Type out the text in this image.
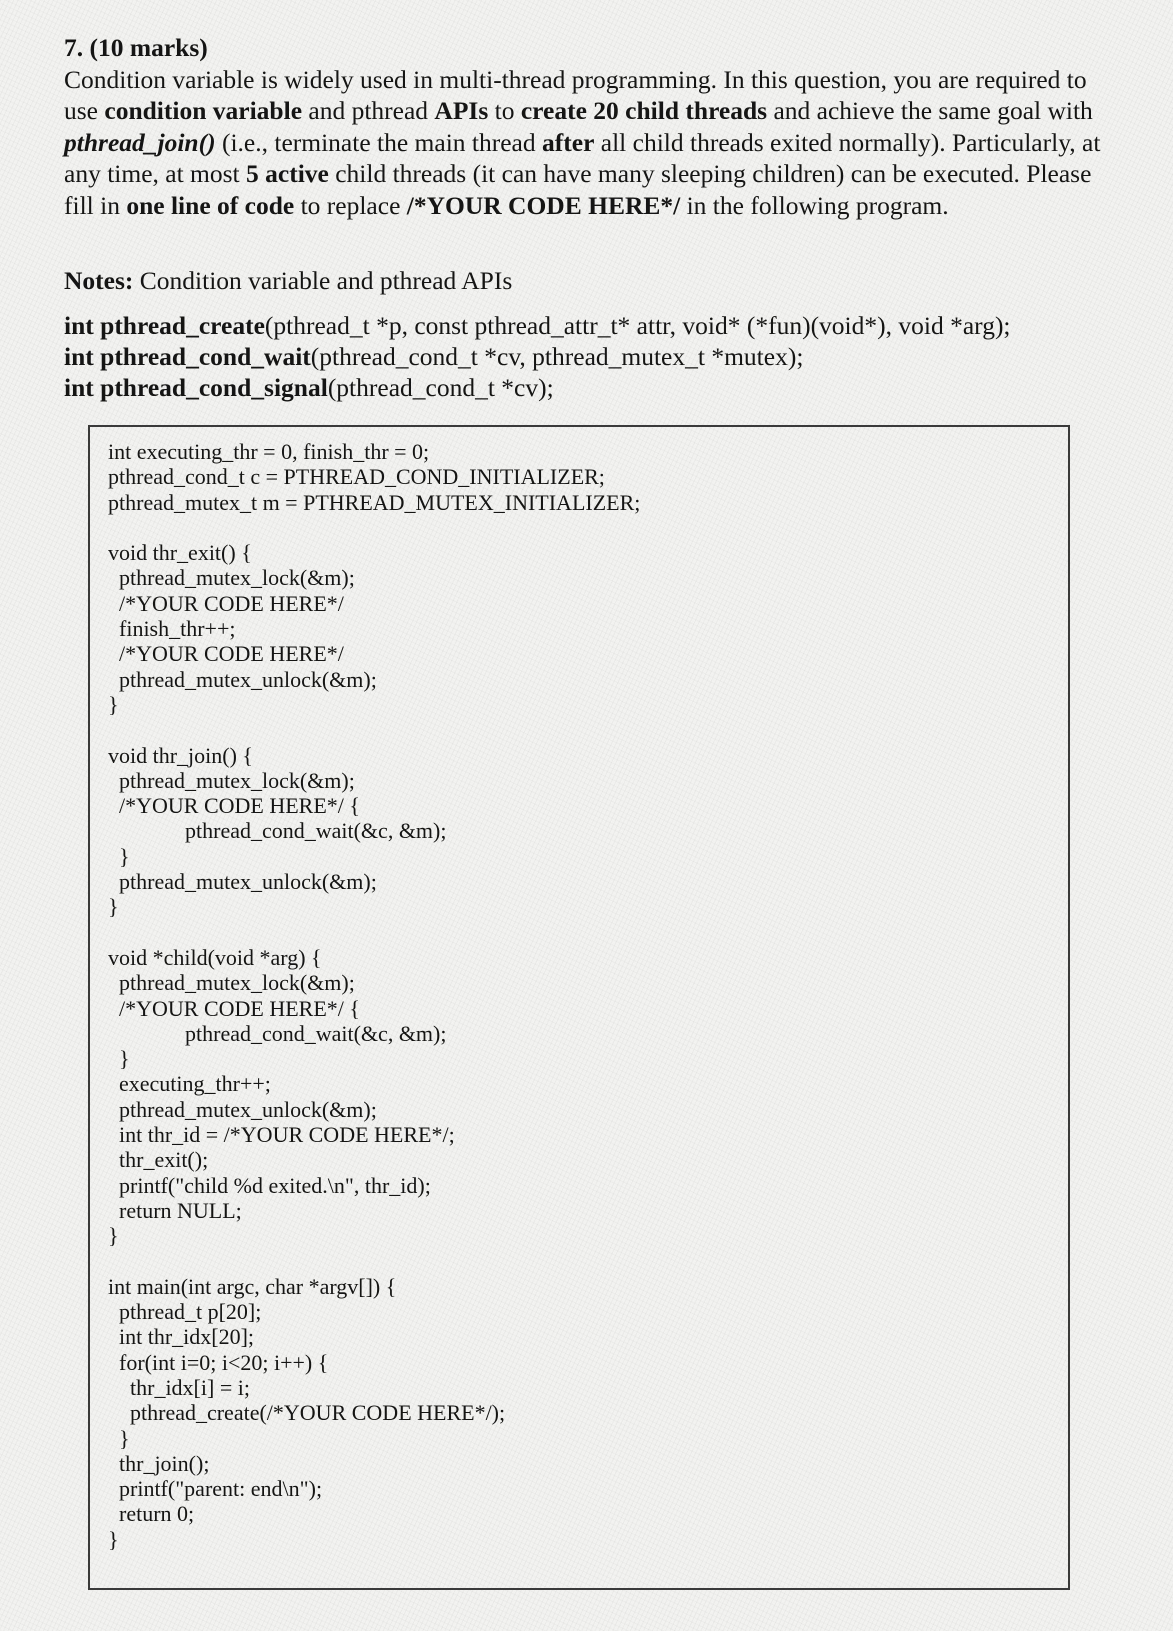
7. (10 marks)

Condition variable is widely used in multi-thread programming. In this question, you are required to use condition variable and pthread APIs to create 20 child threads and achieve the same goal with pthread_join() (i.e., terminate the main thread after all child threads exited normally). Particularly, at any time, at most 5 active child threads (it can have many sleeping children) can be executed. Please fill in one line of code to replace /*YOUR CODE HERE*/ in the following program.

Notes: Condition variable and pthread APIs

int pthread_create(pthread_t *p, const pthread_attr_t* attr, void* (*fun)(void*), void *arg);
int pthread_cond_wait(pthread_cond_t *cv, pthread_mutex_t *mutex);
int pthread_cond_signal(pthread_cond_t *cv);
int executing_thr = 0, finish_thr = 0;
pthread_cond_t c = PTHREAD_COND_INITIALIZER;
pthread_mutex_t m = PTHREAD_MUTEX_INITIALIZER;
void thr_exit() {
pthread_mutex_lock(&m);
/*YOUR CODE HERE*/
finish_thr++;
/*YOUR CODE HERE*/
pthread_mutex_unlock(&m);
}
void thr_join() {
pthread_mutex_lock(&m);
/*YOUR CODE HERE*/ {
pthread_cond_wait(&c, &m);
}
pthread_mutex_unlock(&m);
}
void *child(void *arg) {
pthread_mutex_lock(&m);
/*YOUR CODE HERE*/ {
pthread_cond_wait(&c, &m);
}
executing_thr++;
pthread_mutex_unlock(&m);
int thr_id = /*YOUR CODE HERE*/;
thr_exit();
printf("child %d exited.\n", thr_id);
return NULL;
}
int main(int argc, char *argv[]) {
pthread_t p[20];
int thr_idx[20];
for(int i=0; i<20; i++) {
thr_idx[i] = i;
pthread_create(/*YOUR CODE HERE*/);
}
thr_join();
printf("parent: end\n");
return 0;
}
